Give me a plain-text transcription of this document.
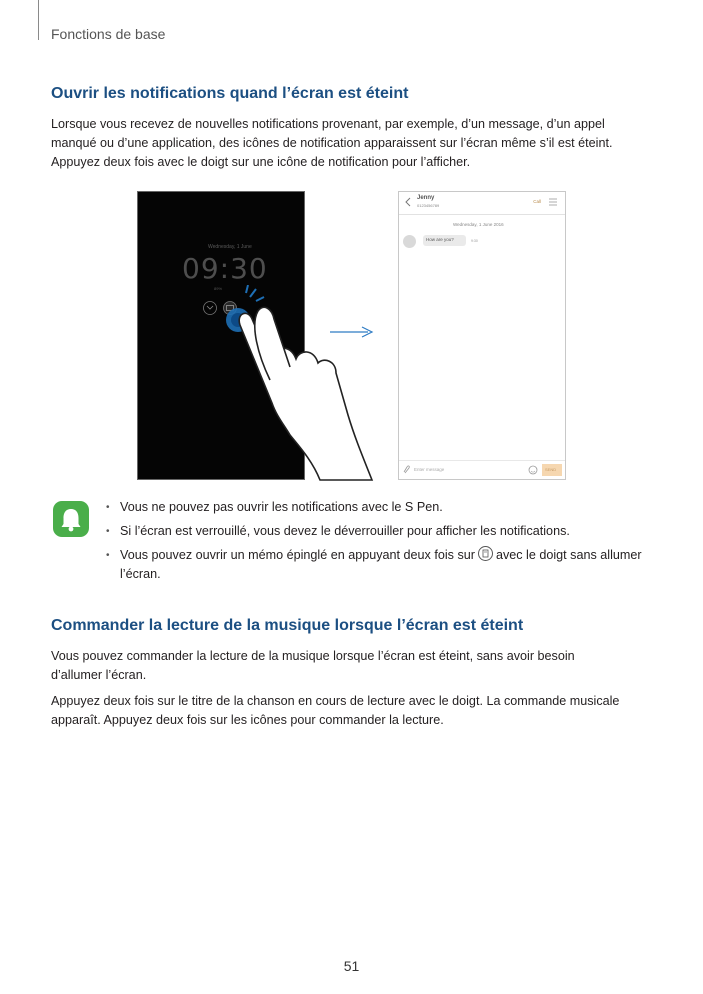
Fonctions de base
Ouvrir les notifications quand l’écran est éteint
Lorsque vous recevez de nouvelles notifications provenant, par exemple, d’un message, d’un appel
manqué ou d’une application, des icônes de notification apparaissent sur l’écran même s’il est éteint.
Appuyez deux fois avec le doigt sur une icône de notification pour l’afficher.
Wednesday, 1 June
09:30
89%
Jenny
0123456789
Call
Wednesday, 1 June 2016
How are you?	9:30
Enter message	SEND
• Vous ne pouvez pas ouvrir les notifications avec le S Pen.
• Si l’écran est verrouillé, vous devez le déverrouiller pour afficher les notifications.
• Vous pouvez ouvrir un mémo épinglé en appuyant deux fois sur avec le doigt sans allumer l’écran.
Commander la lecture de la musique lorsque l’écran est éteint
Vous pouvez commander la lecture de la musique lorsque l’écran est éteint, sans avoir besoin
d’allumer l’écran.
Appuyez deux fois sur le titre de la chanson en cours de lecture avec le doigt. La commande musicale
apparaît. Appuyez deux fois sur les icônes pour commander la lecture.
51
